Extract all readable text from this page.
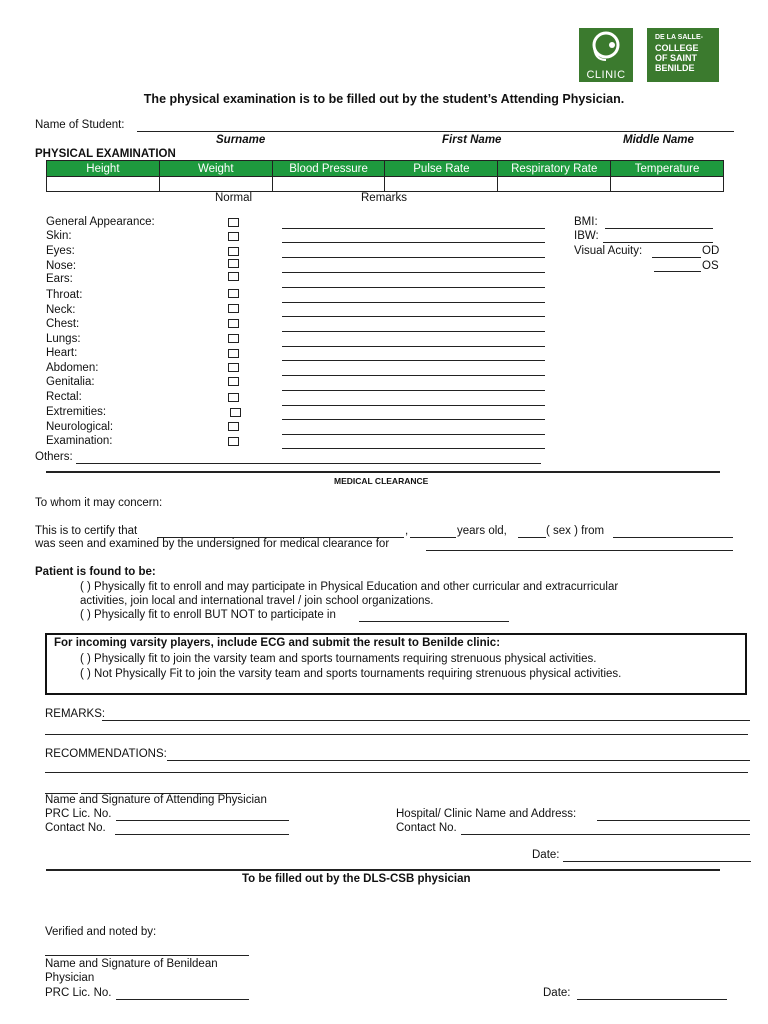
CLINIC
DE LA SALLE-
COLLEGE
OF SAINT
BENILDE
The physical examination is to be filled out by the student’s Attending Physician.
Name of Student:
Surname	First Name	Middle Name
PHYSICAL EXAMINATION
Height	Weight	Blood Pressure	Pulse Rate	Respiratory Rate	Temperature

Normal	Remarks
General Appearance:
Skin:
Eyes:
Nose:
Ears:
Throat:
Neck:
Chest:
Lungs:
Heart:
Abdomen:
Genitalia:
Rectal:
Extremities:
Neurological:
Examination:
BMI:
IBW:
Visual Acuity:	OD
OS
Others:
MEDICAL CLEARANCE
To whom it may concern:
This is to certify that	,	years old,	( sex ) from
was seen and examined by the undersigned for medical clearance for
Patient is found to be:
( ) Physically fit to enroll and may participate in Physical Education and other curricular and extracurricular
activities, join local and international travel / join school organizations.
( ) Physically fit to enroll BUT NOT to participate in
For incoming varsity players, include ECG and submit the result to Benilde clinic:
( ) Physically fit to join the varsity team and sports tournaments requiring strenuous physical activities.
( ) Not Physically Fit to join the varsity team and sports tournaments requiring strenuous physical activities.
REMARKS:
RECOMMENDATIONS:
Name and Signature of Attending Physician
PRC Lic. No.
Contact No.
Hospital/ Clinic Name and Address:
Contact No.
Date:
To be filled out by the DLS-CSB physician
Verified and noted by:
Name and Signature of Benildean
Physician
PRC Lic. No.	Date:
